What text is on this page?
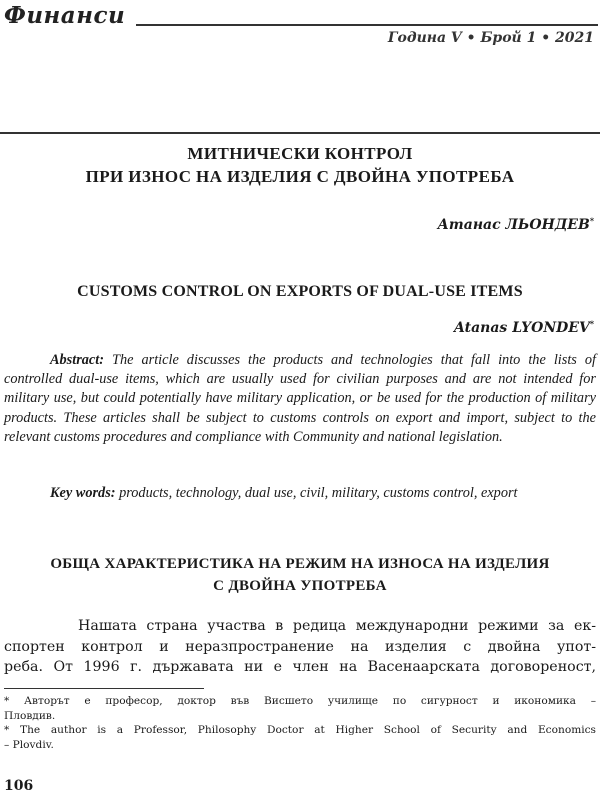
Финанси
Година V • Брой 1 • 2021
МИТНИЧЕСКИ КОНТРОЛ
ПРИ ИЗНОС НА ИЗДЕЛИЯ С ДВОЙНА УПОТРЕБА
Атанас ЛЬОНДЕВ*
CUSTOMS CONTROL ON EXPORTS OF DUAL-USE ITEMS
Atanas LYONDEV*
Abstract: The article discusses the products and technologies that fall into the lists of controlled dual-use items, which are usually used for civilian purposes and are not intended for military use, but could potentially have military application, or be used for the production of military products. These articles shall be subject to customs controls on export and import, subject to the relevant customs procedures and compliance with Community and national legislation.
Key words: products, technology, dual use, civil, military, customs control, export
ОБЩА ХАРАКТЕРИСТИКА НА РЕЖИМ НА ИЗНОСА НА ИЗДЕЛИЯ
С ДВОЙНА УПОТРЕБА
Нашата страна участва в редица международни режими за ек-
спортен контрол и неразпространение на изделия с двойна упот-
реба. От 1996 г. държавата ни е член на Васенаарската договореност,
* Авторът е професор, доктор във Висшето училище по сигурност и икономика –
Пловдив.
* The author is a Professor, Philosophy Doctor at Higher School of Security and Economics
– Plovdiv.
106
